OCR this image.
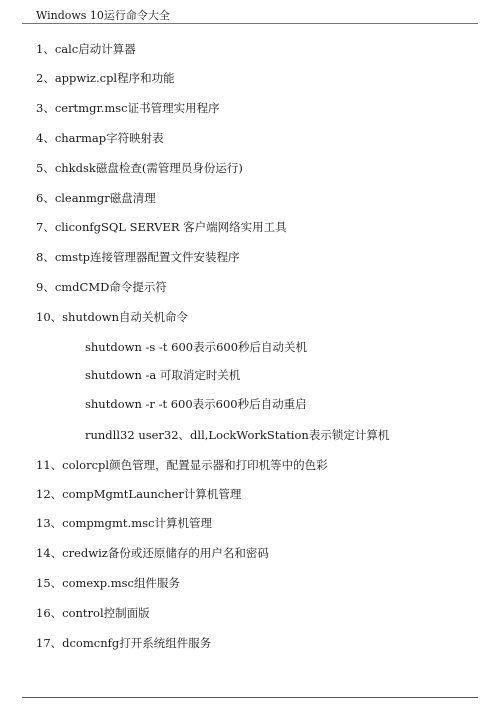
Windows 10运行命令大全
1、calc启动计算器
2、appwiz.cpl程序和功能
3、certmgr.msc证书管理实用程序
4、charmap字符映射表
5、chkdsk磁盘检查(需管理员身份运行)
6、cleanmgr磁盘清理
7、cliconfgSQL SERVER 客户端网络实用工具
8、cmstp连接管理器配置文件安装程序
9、cmdCMD命令提示符
10、shutdown自动关机命令
shutdown -s -t 600表示600秒后自动关机
shutdown -a 可取消定时关机
shutdown -r -t 600表示600秒后自动重启
rundll32 user32、dll,LockWorkStation表示锁定计算机
11、colorcpl颜色管理，配置显示器和打印机等中的色彩
12、compMgmtLauncher计算机管理
13、compmgmt.msc计算机管理
14、credwiz备份或还原储存的用户名和密码
15、comexp.msc组件服务
16、control控制面版
17、dcomcnfg打开系统组件服务
